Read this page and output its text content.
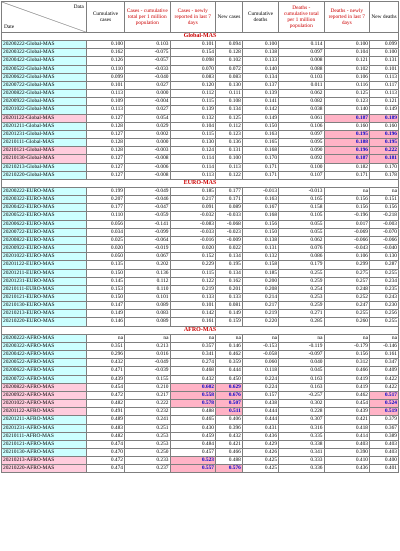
Data
Date	Cumulative cases	Cases - cumulative total per 1 million population	Cases - newly reported in last 7 days	New cases	Cumulative deaths	Deaths - cumulative total per 1 million population	Deaths - newly reported in last 7 days	New deaths
Global-MAS								
20200222-Global-MAS	0.100	0.103	0.101	0.094	0.100	0.114	0.100	0.099
20200322-Global-MAS	0.162	-0.075	0.154	0.128	0.138	0.097	0.104	0.100
20200422-Global-MAS	0.126	-0.057	0.098	0.102	0.133	0.008	0.121	0.131
20200522-Global-MAS	0.110	-0.033	0.070	0.072	0.140	0.088	0.102	0.101
20200622-Global-MAS	0.099	-0.040	0.083	0.083	0.134	0.103	0.106	0.113
20200722-Global-MAS	0.101	0.027	0.120	0.130	0.137	0.011	0.116	0.117
20200822-Global-MAS	0.113	0.000	0.112	0.111	0.139	0.062	0.125	0.113
20200922-Global-MAS	0.109	-0.004	0.115	0.108	0.141	0.082	0.123	0.121
20201022-Global-MAS	0.113	0.027	0.139	0.134	0.142	0.038	0.140	0.149
20201122-Global-MAS	0.127	0.054	0.132	0.125	0.149	0.061	0.187	0.189
20201211-Global-MAS	0.128	0.029	0.104	0.112	0.150	0.106	0.160	0.160
20201231-Global-MAS	0.127	0.002	0.115	0.123	0.163	0.097	0.195	0.196
20210111-Global-MAS	0.128	0.000	0.130	0.136	0.165	0.095	0.188	0.195
20210121-Global-MAS	0.128	-0.003	0.124	0.131	0.168	0.090	0.196	0.222
20210130-Global-MAS	0.127	-0.008	0.114	0.100	0.170	0.092	0.187	0.181
20210213-Global-MAS	0.127	-0.006	0.114	0.113	0.171	0.100	0.182	0.170
20210220-Global-MAS	0.127	-0.008	0.113	0.122	0.171	0.107	0.171	0.178
EURO-MAS								
20200222-EURO-MAS	0.199	-0.049	0.185	0.177	-0.013	-0.013	na	na
20200322-EURO-MAS	0.207	-0.046	0.217	0.171	0.163	0.165	0.156	0.151
20200422-EURO-MAS	0.177	-0.047	0.091	0.089	0.167	0.158	0.156	0.156
20200522-EURO-MAS	0.110	-0.059	-0.032	-0.033	0.168	0.105	-0.196	-0.218
20200622-EURO-MAS	0.056	-0.141	-0.083	-0.068	0.156	0.055	0.017	-0.003
20200722-EURO-MAS	0.034	-0.099	-0.033	-0.023	0.150	0.055	-0.069	-0.070
20200822-EURO-MAS	0.025	-0.064	-0.016	-0.009	0.138	0.062	-0.066	-0.066
20200922-EURO-MAS	0.020	-0.019	0.020	0.022	0.131	0.076	-0.043	-0.040
20201022-EURO-MAS	0.050	0.067	0.152	0.134	0.132	0.086	0.106	0.130
20201122-EURO-MAS	0.135	0.202	0.229	0.195	0.158	0.179	0.299	0.287
20201211-EURO-MAS	0.150	0.136	0.115	0.134	0.185	0.255	0.275	0.255
20201231-EURO-MAS	0.145	0.112	0.122	0.162	0.200	0.259	0.257	0.234
20210111-EURO-MAS	0.153	0.110	0.219	0.201	0.208	0.254	0.248	0.235
20210121-EURO-MAS	0.150	0.101	0.133	0.133	0.214	0.253	0.252	0.243
20210130-EURO-MAS	0.147	0.089	0.101	0.081	0.217	0.259	0.247	0.230
20210213-EURO-MAS	0.149	0.083	0.142	0.149	0.219	0.271	0.255	0.256
20210220-EURO-MAS	0.146	0.089	0.161	0.159	0.220	0.285	0.260	0.255
AFRO-MAS								
20200222-AFRO-MAS	na	na	na	na	na	na	na	na
20200322-AFRO-MAS	0.351	0.213	0.357	0.146	-0.153	-0.119	-0.179	-0.146
20200422-AFRO-MAS	0.296	0.016	0.341	0.462	-0.058	-0.097	0.156	0.161
20200522-AFRO-MAS	0.432	-0.049	0.274	0.359	0.060	0.040	0.312	0.347
20200622-AFRO-MAS	0.471	-0.039	0.468	0.444	0.118	0.045	0.466	0.409
20200722-AFRO-MAS	0.439	0.155	0.432	0.450	0.224	0.163	0.419	0.422
20200822-AFRO-MAS	0.454	0.210	0.602	0.629	0.224	0.163	0.419	0.422
20200922-AFRO-MAS	0.472	0.217	0.558	0.676	0.157	-0.257	0.462	0.517
20201022-AFRO-MAS	0.482	0.222	0.578	0.507	0.438	0.302	0.454	0.524
20201122-AFRO-MAS	0.491	0.232	0.488	0.511	0.444	0.228	0.439	0.519
20201211-AFRO-MAS	0.489	0.241	0.465	0.406	0.444	0.307	0.421	0.379
20201231-AFRO-MAS	0.483	0.251	0.430	0.396	0.431	0.316	0.418	0.367
20210111-AFRO-MAS	0.482	0.253	0.459	0.432	0.436	0.335	0.414	0.389
20210121-AFRO-MAS	0.474	0.253	0.484	0.421	0.429	0.338	0.403	0.403
20210130-AFRO-MAS	0.470	0.250	0.457	0.466	0.426	0.341	0.390	0.403
20210213-AFRO-MAS	0.472	0.233	0.523	0.488	0.425	0.333	0.410	0.400
20210220-AFRO-MAS	0.474	0.237	0.557	0.576	0.425	0.336	0.436	0.401
